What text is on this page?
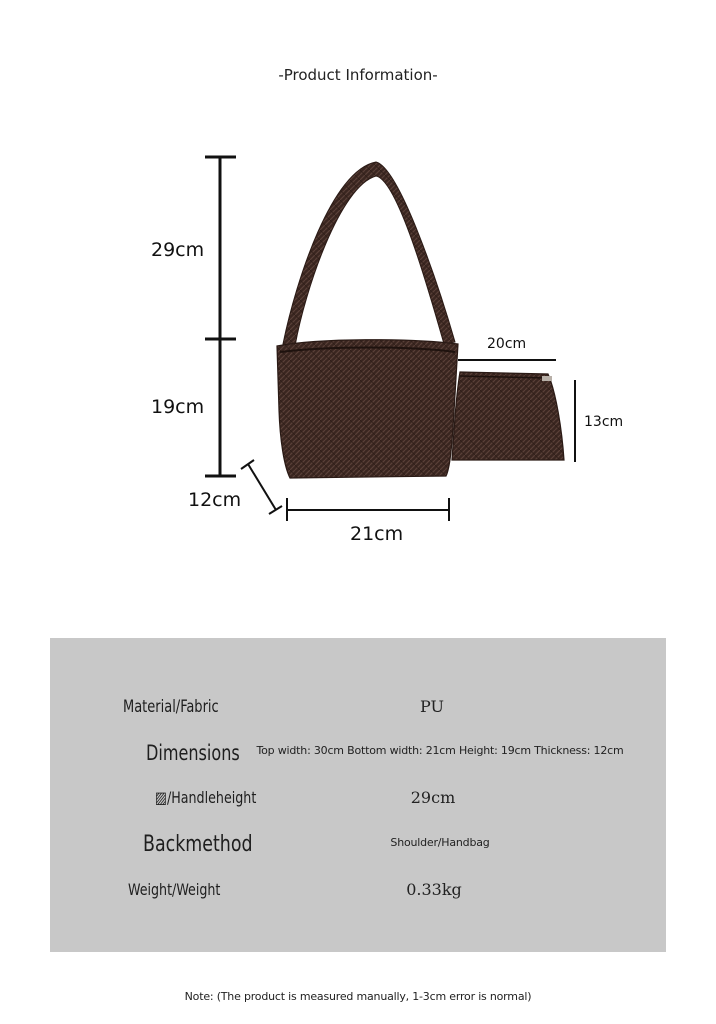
-Product Information-
29cm
19cm
12cm
21cm
20cm
13cm
Material/Fabric	PU
Dimensions	Top width: 30cm Bottom width: 21cm Height: 19cm Thickness: 12cm
▨/Handleheight	29cm
Backmethod	Shoulder/Handbag
Weight/Weight	0.33kg
Note: (The product is measured manually, 1-3cm error is normal)
